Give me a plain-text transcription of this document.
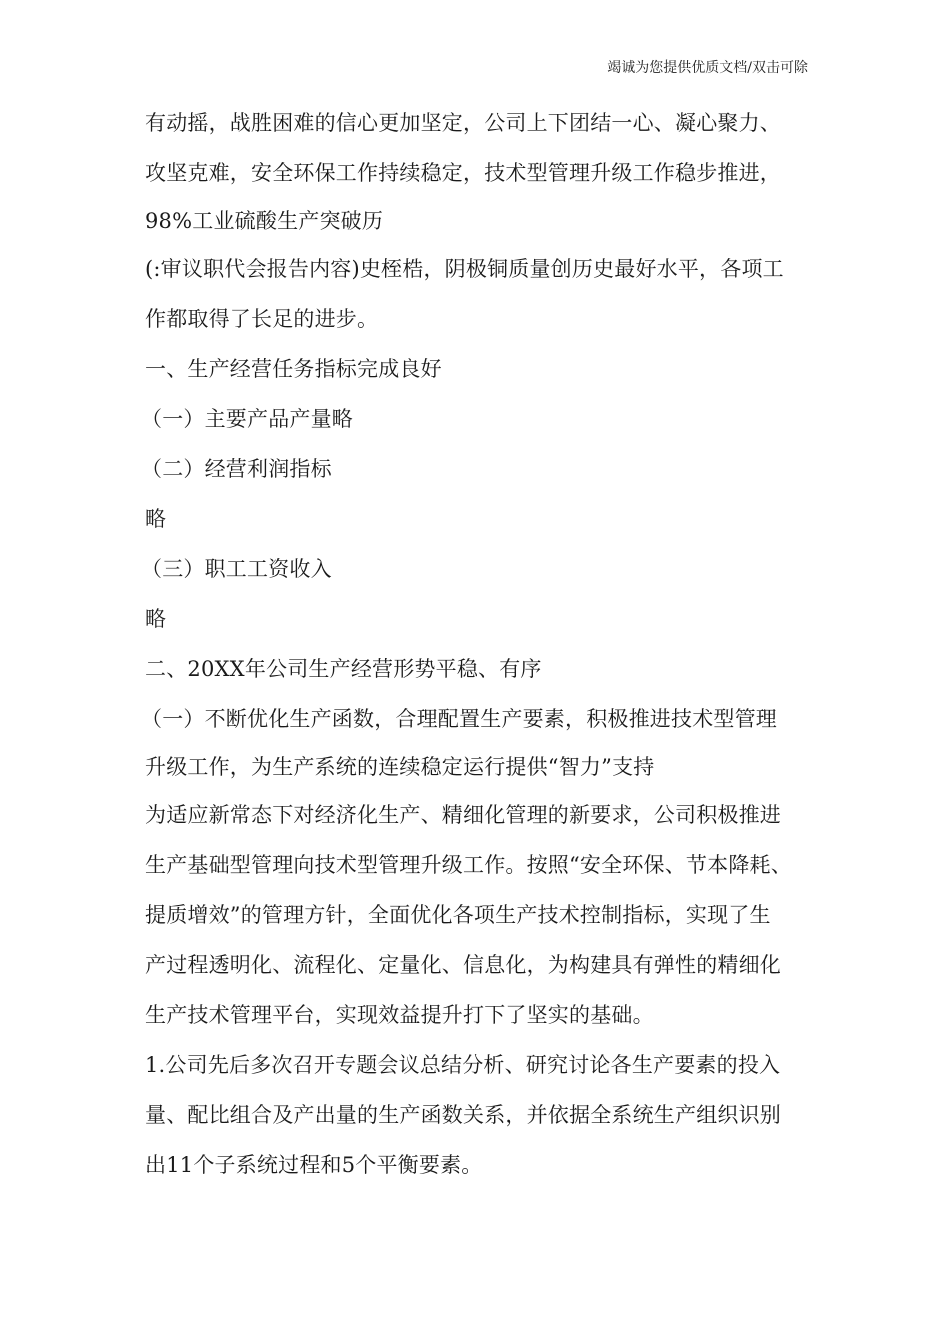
竭诚为您提供优质文档/双击可除
有动摇，战胜困难的信心更加坚定，公司上下团结一心、凝心聚力、
攻坚克难，安全环保工作持续稳定，技术型管理升级工作稳步推进，
98%工业硫酸生产突破历
(:审议职代会报告内容)史桎梏，阴极铜质量创历史最好水平，各项工
作都取得了长足的进步。
一、生产经营任务指标完成良好
（一）主要产品产量略
（二）经营利润指标
略
（三）职工工资收入
略
二、20XX年公司生产经营形势平稳、有序
（一）不断优化生产函数，合理配置生产要素，积极推进技术型管理
升级工作，为生产系统的连续稳定运行提供“智力”支持
为适应新常态下对经济化生产、精细化管理的新要求，公司积极推进
生产基础型管理向技术型管理升级工作。按照“安全环保、节本降耗、
提质增效”的管理方针，全面优化各项生产技术控制指标，实现了生
产过程透明化、流程化、定量化、信息化，为构建具有弹性的精细化
生产技术管理平台，实现效益提升打下了坚实的基础。
1.公司先后多次召开专题会议总结分析、研究讨论各生产要素的投入
量、配比组合及产出量的生产函数关系，并依据全系统生产组织识别
出11个子系统过程和5个平衡要素。
